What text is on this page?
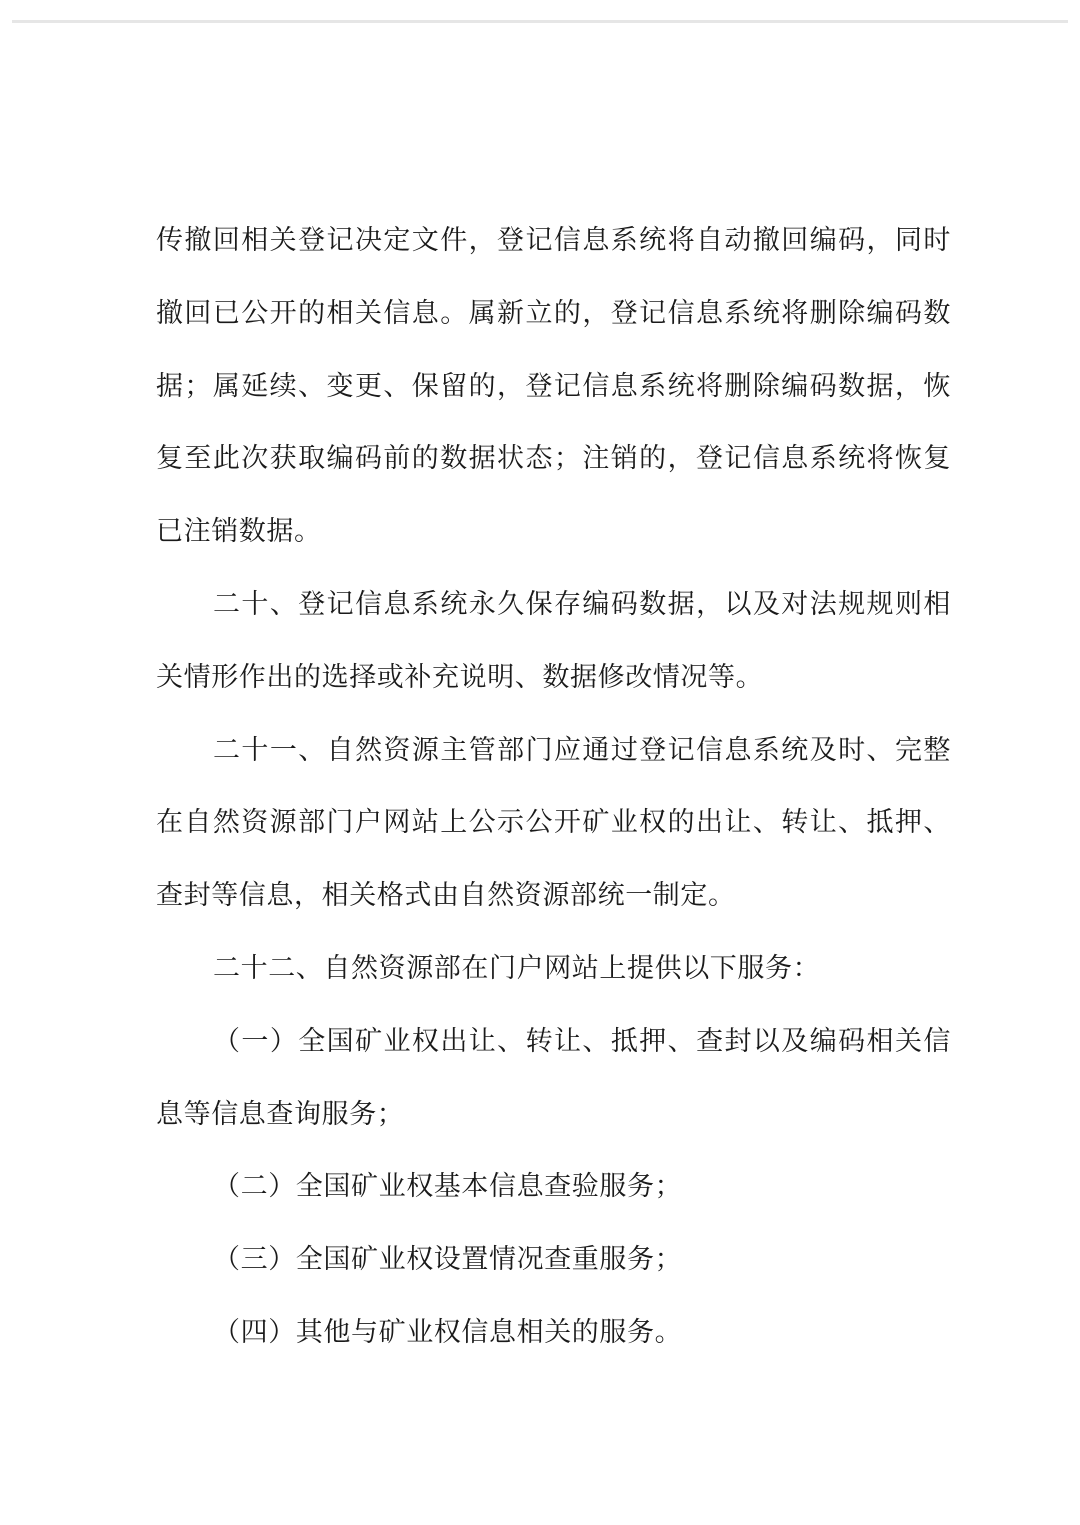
传撤回相关登记决定文件，登记信息系统将自动撤回编码，同时撤回已公开的相关信息。属新立的，登记信息系统将删除编码数据；属延续、变更、保留的，登记信息系统将删除编码数据，恢复至此次获取编码前的数据状态；注销的，登记信息系统将恢复已注销数据。

二十、登记信息系统永久保存编码数据，以及对法规规则相关情形作出的选择或补充说明、数据修改情况等。

二十一、自然资源主管部门应通过登记信息系统及时、完整在自然资源部门户网站上公示公开矿业权的出让、转让、抵押、查封等信息，相关格式由自然资源部统一制定。

二十二、自然资源部在门户网站上提供以下服务：

（一）全国矿业权出让、转让、抵押、查封以及编码相关信息等信息查询服务；

（二）全国矿业权基本信息查验服务；

（三）全国矿业权设置情况查重服务；

（四）其他与矿业权信息相关的服务。
